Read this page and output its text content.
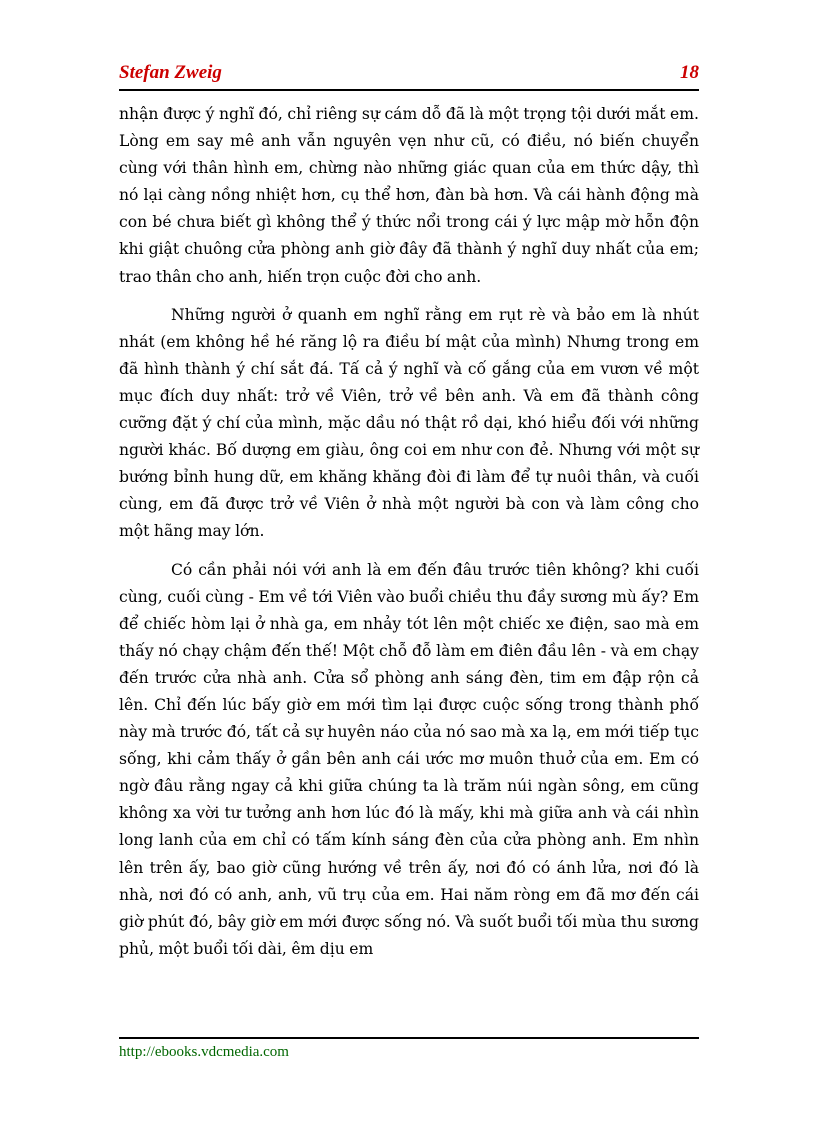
Stefan Zweig	18

nhận được ý nghĩ đó, chỉ riêng sự cám dỗ đã là một trọng tội dưới mắt em. Lòng em say mê anh vẫn nguyên vẹn như cũ, có điều, nó biến chuyển cùng với thân hình em, chừng nào những giác quan của em thức dậy, thì nó lại càng nồng nhiệt hơn, cụ thể hơn, đàn bà hơn. Và cái hành động mà con bé chưa biết gì không thể ý thức nổi trong cái ý lực mập mờ hỗn độn khi giật chuông cửa phòng anh giờ đây đã thành ý nghĩ duy nhất của em; trao thân cho anh, hiến trọn cuộc đời cho anh.

Những người ở quanh em nghĩ rằng em rụt rè và bảo em là nhút nhát (em không hề hé răng lộ ra điều bí mật của mình) Nhưng trong em đã hình thành ý chí sắt đá. Tấ cả ý nghĩ và cố gắng của em vươn về một mục đích duy nhất: trở về Viên, trở về bên anh. Và em đã thành công cưỡng đặt ý chí của mình, mặc dầu nó thật rồ dại, khó hiểu đối với những người khác. Bố dượng em giàu, ông coi em như con đẻ. Nhưng với một sự bướng bỉnh hung dữ, em khăng khăng đòi đi làm để tự nuôi thân, và cuối cùng, em đã được trở về Viên ở nhà một người bà con và làm công cho một hãng may lớn.

Có cần phải nói với anh là em đến đâu trước tiên không? khi cuối cùng, cuối cùng - Em về tới Viên vào buổi chiều thu đầy sương mù ấy? Em để chiếc hòm lại ở nhà ga, em nhảy tót lên một chiếc xe điện, sao mà em thấy nó chạy chậm đến thế! Một chỗ đỗ làm em điên đầu lên - và em chạy đến trước cửa nhà anh. Cửa sổ phòng anh sáng đèn, tim em đập rộn cả lên. Chỉ đến lúc bấy giờ em mới tìm lại được cuộc sống trong thành phố này mà trước đó, tất cả sự huyên náo của nó sao mà xa lạ, em mới tiếp tục sống, khi cảm thấy ở gần bên anh cái ước mơ muôn thuở của em. Em có ngờ đâu rằng ngay cả khi giữa chúng ta là trăm núi ngàn sông, em cũng không xa vời tư tưởng anh hơn lúc đó là mấy, khi mà giữa anh và cái nhìn long lanh của em chỉ có tấm kính sáng đèn của cửa phòng anh. Em nhìn lên trên ấy, bao giờ cũng hướng về trên ấy, nơi đó có ánh lửa, nơi đó là nhà, nơi đó có anh, anh, vũ trụ của em. Hai năm ròng em đã mơ đến cái giờ phút đó, bây giờ em mới được sống nó. Và suốt buổi tối mùa thu sương phủ, một buổi tối dài, êm dịu em

http://ebooks.vdcmedia.com
